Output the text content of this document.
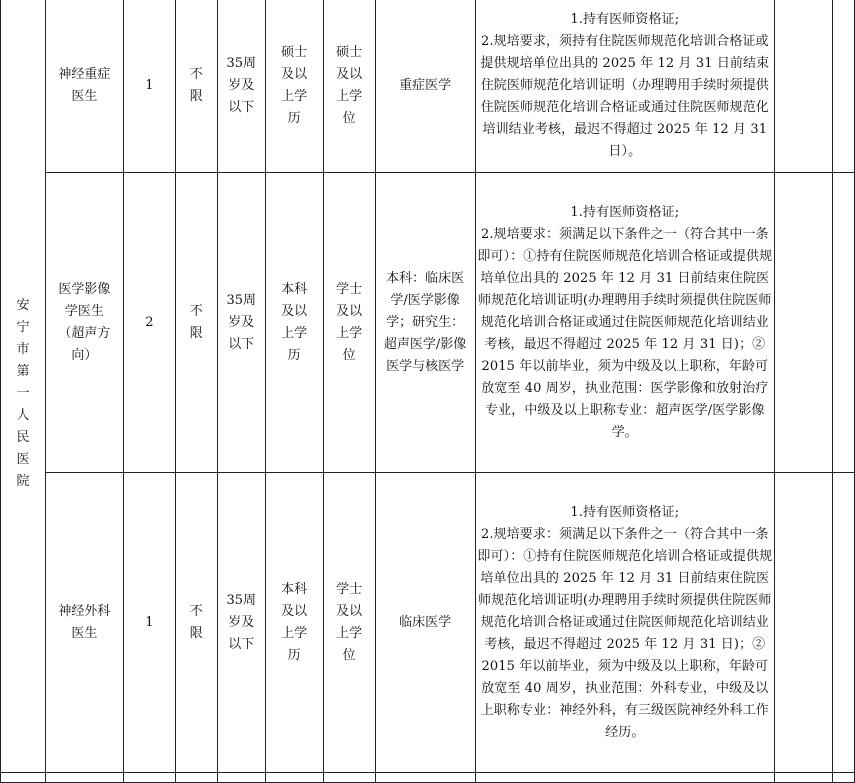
安宁市第一人民医院	神经重症医生	1	不限	35周岁及以下	硕士及以上学历	硕士及以上学位	重症医学	1.持有医师资格证;
2.规培要求，须持有住院医师规范化培训合格证或提供规培单位出具的 2025 年 12 月 31 日前结束住院医师规范化培训证明（办理聘用手续时须提供住院医师规范化培训合格证或通过住院医师规范化培训结业考核，最迟不得超过 2025 年 12 月 31 日）。		

	医学影像学医生（超声方向）	2	不限	35周岁及以下	本科及以上学历	学士及以上学位	本科：临床医学/医学影像学；研究生：超声医学/影像医学与核医学	1.持有医师资格证;
2.规培要求：须满足以下条件之一（符合其中一条即可）：①持有住院医师规范化培训合格证或提供规培单位出具的 2025 年 12 月 31 日前结束住院医师规范化培训证明(办理聘用手续时须提供住院医师规范化培训合格证或通过住院医师规范化培训结业考核，最迟不得超过 2025 年 12 月 31 日)；② 2015 年以前毕业，须为中级及以上职称，年龄可放宽至 40 周岁，执业范围：医学影像和放射治疗专业，中级及以上职称专业：超声医学/医学影像学。		

	神经外科医生	1	不限	35周岁及以下	本科及以上学历	学士及以上学位	临床医学	1.持有医师资格证;
2.规培要求：须满足以下条件之一（符合其中一条即可）：①持有住院医师规范化培训合格证或提供规培单位出具的 2025 年 12 月 31 日前结束住院医师规范化培训证明(办理聘用手续时须提供住院医师规范化培训合格证或通过住院医师规范化培训结业考核，最迟不得超过 2025 年 12 月 31 日)；② 2015 年以前毕业，须为中级及以上职称，年龄可放宽至 40 周岁，执业范围：外科专业，中级及以上职称专业：神经外科，有三级医院神经外科工作经历。		
